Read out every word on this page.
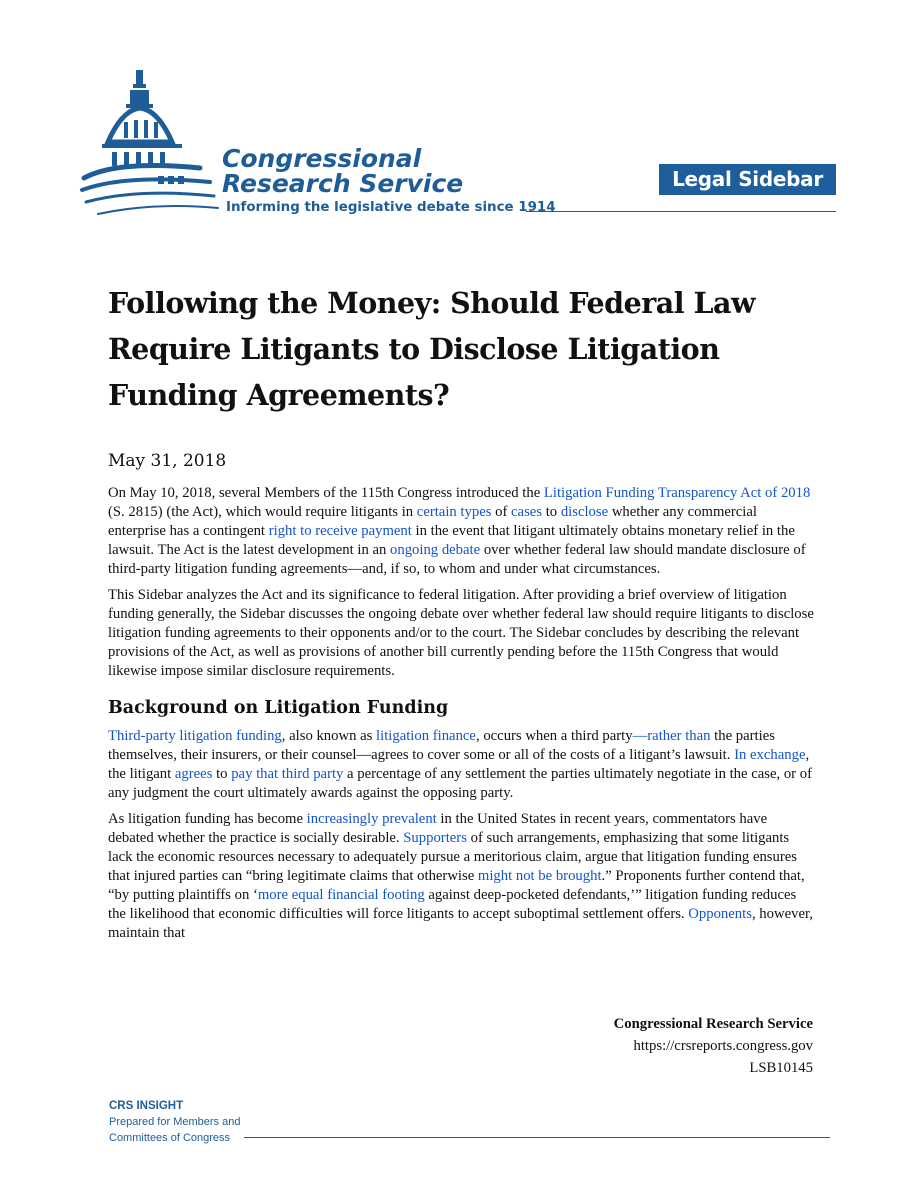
Congressional
Research Service
Informing the legislative debate since 1914
Legal Sidebar
Following the Money: Should Federal Law Require Litigants to Disclose Litigation Funding Agreements?

May 31, 2018

On May 10, 2018, several Members of the 115th Congress introduced the Litigation Funding Transparency Act of 2018 (S. 2815) (the Act), which would require litigants in certain types of cases to disclose whether any commercial enterprise has a contingent right to receive payment in the event that litigant ultimately obtains monetary relief in the lawsuit. The Act is the latest development in an ongoing debate over whether federal law should mandate disclosure of third-party litigation funding agreements—and, if so, to whom and under what circumstances.

This Sidebar analyzes the Act and its significance to federal litigation. After providing a brief overview of litigation funding generally, the Sidebar discusses the ongoing debate over whether federal law should require litigants to disclose litigation funding agreements to their opponents and/or to the court. The Sidebar concludes by describing the relevant provisions of the Act, as well as provisions of another bill currently pending before the 115th Congress that would likewise impose similar disclosure requirements.

Background on Litigation Funding

Third-party litigation funding, also known as litigation finance, occurs when a third party—rather than the parties themselves, their insurers, or their counsel—agrees to cover some or all of the costs of a litigant’s lawsuit. In exchange, the litigant agrees to pay that third party a percentage of any settlement the parties ultimately negotiate in the case, or of any judgment the court ultimately awards against the opposing party.

As litigation funding has become increasingly prevalent in the United States in recent years, commentators have debated whether the practice is socially desirable. Supporters of such arrangements, emphasizing that some litigants lack the economic resources necessary to adequately pursue a meritorious claim, argue that litigation funding ensures that injured parties can “bring legitimate claims that otherwise might not be brought.” Proponents further contend that, “by putting plaintiffs on ‘more equal financial footing against deep-pocketed defendants,’” litigation funding reduces the likelihood that economic difficulties will force litigants to accept suboptimal settlement offers. Opponents, however, maintain that

Congressional Research Service
https://crsreports.congress.gov
LSB10145
CRS INSIGHT
Prepared for Members and
Committees of Congress
